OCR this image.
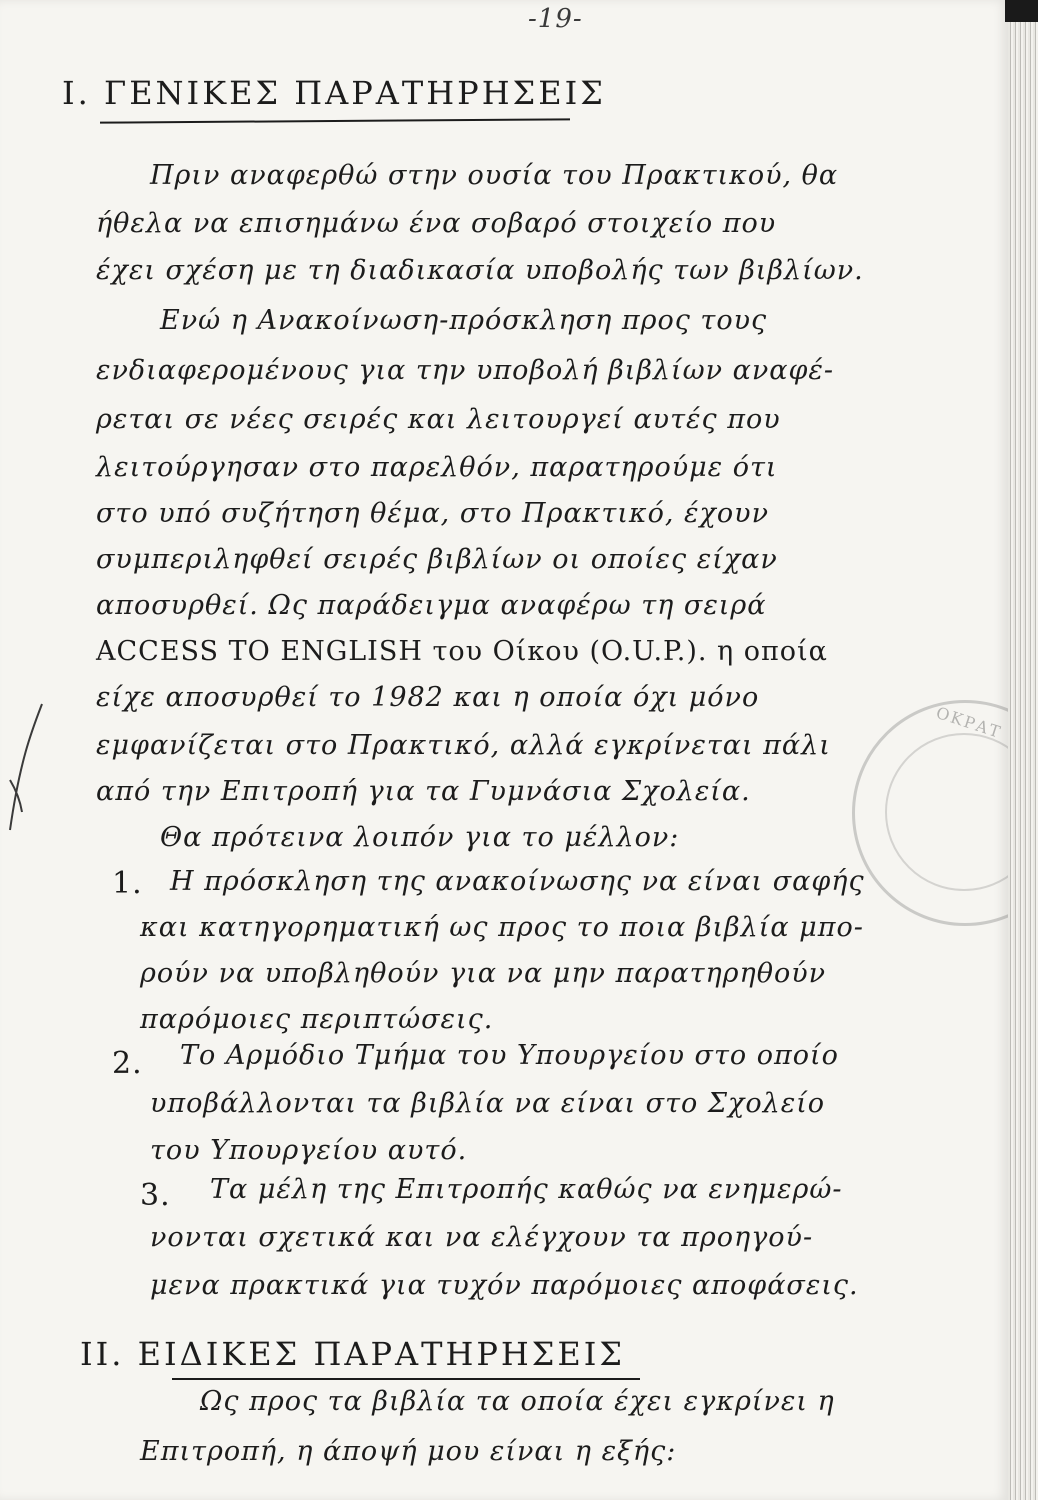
-19-
I. ΓΕΝΙΚΕΣ ΠΑΡΑΤΗΡΗΣΕΙΣ
Πριν αναφερθώ στην ουσία του Πρακτικού, θα
ήθελα να επισημάνω ένα σοβαρό στοιχείο που
έχει σχέση με τη διαδικασία υποβολής των βιβλίων.
Ενώ η Ανακοίνωση-πρόσκληση προς τους
ενδιαφερομένους για την υποβολή βιβλίων αναφέ-
ρεται σε νέες σειρές και λειτουργεί αυτές που
λειτούργησαν στο παρελθόν, παρατηρούμε ότι
στο υπό συζήτηση θέμα, στο Πρακτικό, έχουν
συμπεριληφθεί σειρές βιβλίων οι οποίες είχαν
αποσυρθεί. Ως παράδειγμα αναφέρω τη σειρά
ACCESS TO ENGLISH του Οίκου (O.U.P.). η οποία
είχε αποσυρθεί το 1982 και η οποία όχι μόνο
εμφανίζεται στο Πρακτικό, αλλά εγκρίνεται πάλι
από την Επιτροπή για τα Γυμνάσια Σχολεία.
Θα πρότεινα λοιπόν για το μέλλον:
1. Η πρόσκληση της ανακοίνωσης να είναι σαφής
και κατηγορηματική ως προς το ποια βιβλία μπο-
ρούν να υποβληθούν για να μην παρατηρηθούν
παρόμοιες περιπτώσεις.
2. Το Αρμόδιο Τμήμα του Υπουργείου στο οποίο
υποβάλλονται τα βιβλία να είναι στο Σχολείο
του Υπουργείου αυτό.
3. Τα μέλη της Επιτροπής καθώς να ενημερώ-
νονται σχετικά και να ελέγχουν τα προηγού-
μενα πρακτικά για τυχόν παρόμοιες αποφάσεις.
II. ΕΙΔΙΚΕΣ ΠΑΡΑΤΗΡΗΣΕΙΣ
Ως προς τα βιβλία τα οποία έχει εγκρίνει η
Επιτροπή, η άποψή μου είναι η εξής:
ΟΚΡΑΤ
